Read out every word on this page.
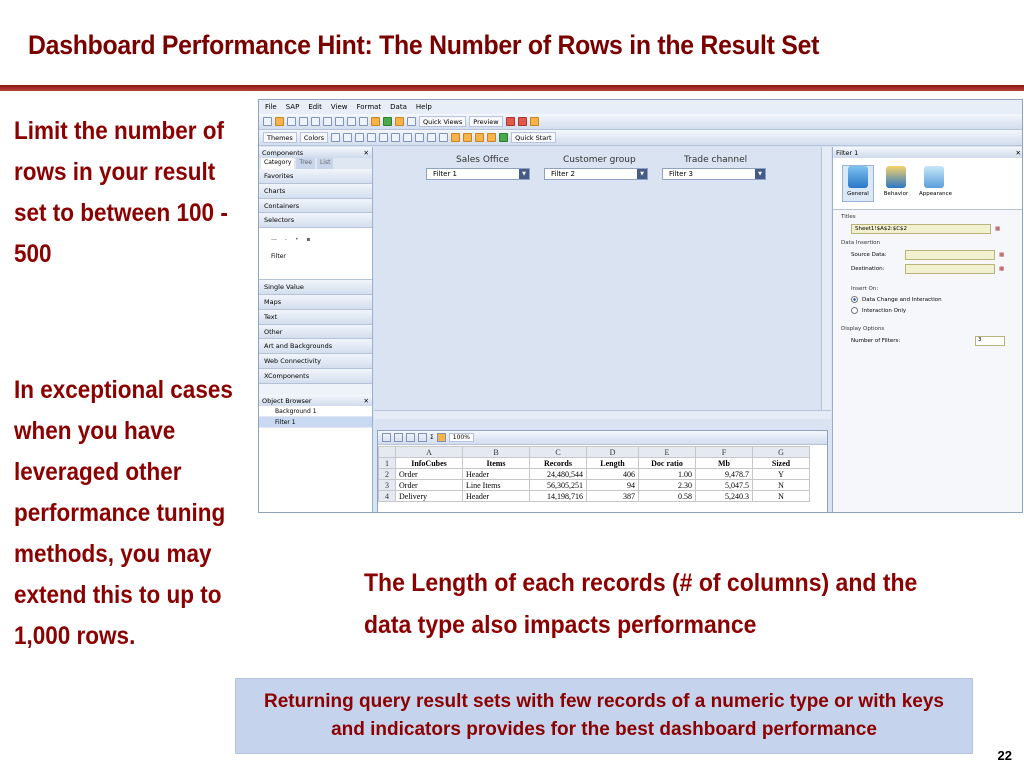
Dashboard Performance Hint: The Number of Rows in the Result Set
Limit the number of rows in your result set to between 100 - 500
In exceptional cases when you have leveraged other performance tuning methods, you may extend this to up to 1,000 rows.
File SAP Edit View Format Data Help
Quick Views	Preview
Themes	Colors	Quick Start
Components	✕
Category	Tree	List
Favorites
Charts
Containers
Selectors
— - • ▪
Filter
Single Value
Maps
Text
Other
Art and Backgrounds
Web Connectivity
XComponents
Object Browser	✕
Background 1
Filter 1
Sales Office
Filter 1	▼
Customer group
Filter 2	▼
Trade channel
Filter 3	▼
Σ	100%
	A	B	C	D	E	F	G
1	InfoCubes	Items	Records	Length	Doc ratio	Mb	Sized
2	Order	Header	24,480,544	406	1.00	9,478.7	Y
3	Order	Line Items	56,305,251	94	2.30	5,047.5	N
4	Delivery	Header	14,198,716	387	0.58	5,240.3	N
Filter 1	✕
General	Behavior	Appearance
Titles
Sheet1!$A$2:$C$2	▦
Data Insertion
Source Data:	▦
Destination:	▦
Insert On:
Data Change and Interaction
Interaction Only
Display Options
Number of Filters:	3
The Length of each records (# of columns) and the data type also impacts performance
Returning query result sets with few records of a numeric type or with keys and indicators provides for the best dashboard performance
22
